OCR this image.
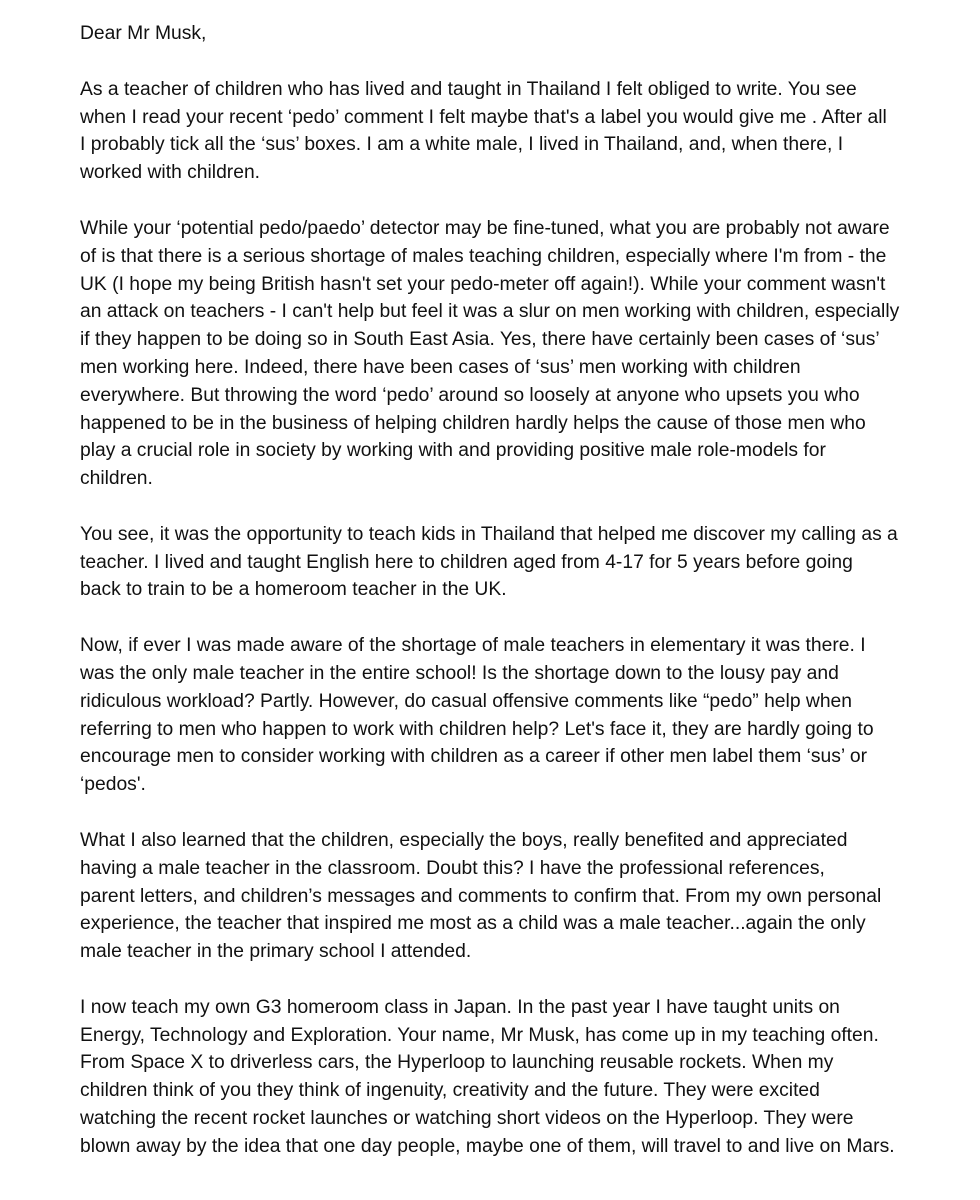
Dear Mr Musk,
As a teacher of children who has lived and taught in Thailand I felt obliged to write. You see
when I read your recent ‘pedo’ comment I felt maybe that's a label you would give me . After all
I probably tick all the ‘sus’ boxes. I am a white male, I lived in Thailand, and, when there, I
worked with children.
While your ‘potential pedo/paedo’ detector may be fine-tuned, what you are probably not aware
of is that there is a serious shortage of males teaching children, especially where I'm from - the
UK (I hope my being British hasn't set your pedo-meter off again!). While your comment wasn't
an attack on teachers - I can't help but feel it was a slur on men working with children, especially
if they happen to be doing so in South East Asia. Yes, there have certainly been cases of ‘sus’
men working here. Indeed, there have been cases of ‘sus’ men working with children
everywhere. But throwing the word ‘pedo’ around so loosely at anyone who upsets you who
happened to be in the business of helping children hardly helps the cause of those men who
play a crucial role in society by working with and providing positive male role-models for
children.
You see, it was the opportunity to teach kids in Thailand that helped me discover my calling as a
teacher. I lived and taught English here to children aged from 4-17 for 5 years before going
back to train to be a homeroom teacher in the UK.
Now, if ever I was made aware of the shortage of male teachers in elementary it was there. I
was the only male teacher in the entire school! Is the shortage down to the lousy pay and
ridiculous workload? Partly. However, do casual offensive comments like “pedo” help when
referring to men who happen to work with children help? Let's face it, they are hardly going to
encourage men to consider working with children as a career if other men label them ‘sus’ or
‘pedos'.
What I also learned that the children, especially the boys, really benefited and appreciated
having a male teacher in the classroom. Doubt this? I have the professional references,
parent letters, and children’s messages and comments to confirm that. From my own personal
experience, the teacher that inspired me most as a child was a male teacher...again the only
male teacher in the primary school I attended.
I now teach my own G3 homeroom class in Japan. In the past year I have taught units on
Energy, Technology and Exploration. Your name, Mr Musk, has come up in my teaching often.
From Space X to driverless cars, the Hyperloop to launching reusable rockets. When my
children think of you they think of ingenuity, creativity and the future. They were excited
watching the recent rocket launches or watching short videos on the Hyperloop. They were
blown away by the idea that one day people, maybe one of them, will travel to and live on Mars.
